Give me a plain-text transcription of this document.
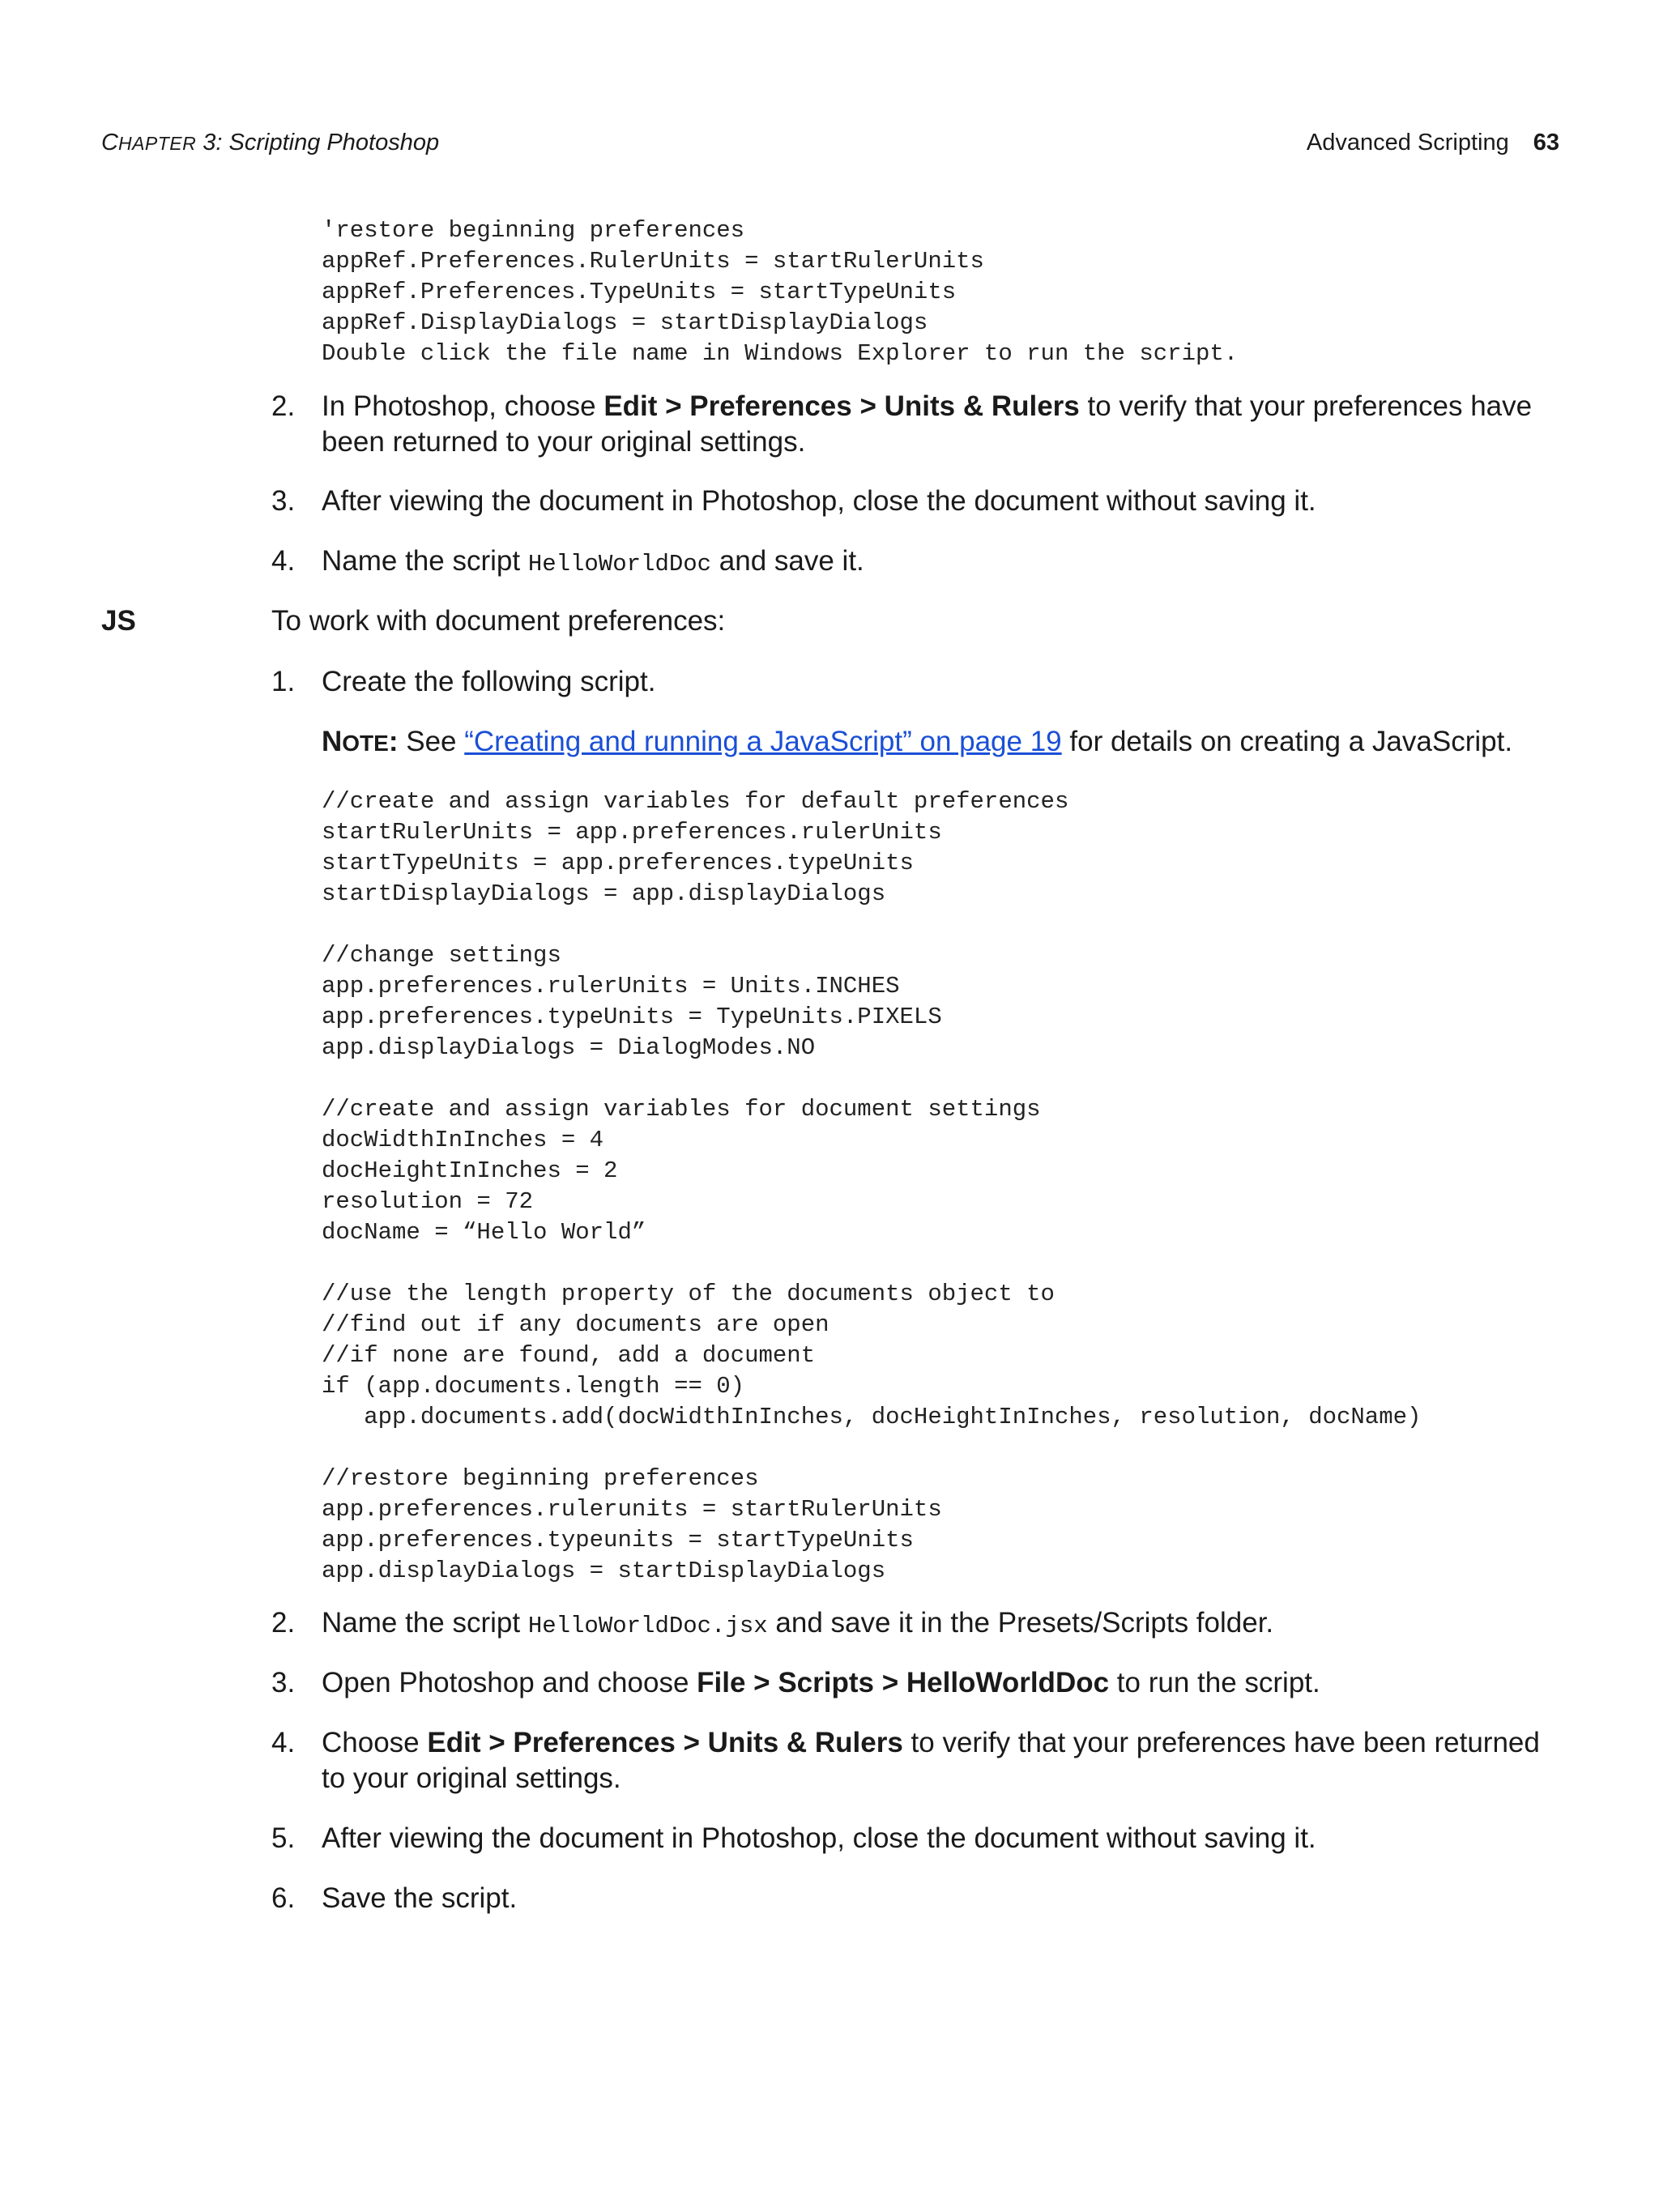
CHAPTER 3: Scripting Photoshop	Advanced Scripting 63
'restore beginning preferences
appRef.Preferences.RulerUnits = startRulerUnits
appRef.Preferences.TypeUnits = startTypeUnits
appRef.DisplayDialogs = startDisplayDialogs
Double click the file name in Windows Explorer to run the script.
2. In Photoshop, choose Edit > Preferences > Units & Rulers to verify that your preferences have been returned to your original settings.
3. After viewing the document in Photoshop, close the document without saving it.
4. Name the script HelloWorldDoc and save it.
JS	To work with document preferences:
1. Create the following script.
NOTE: See “Creating and running a JavaScript” on page 19 for details on creating a JavaScript.
//create and assign variables for default preferences
startRulerUnits = app.preferences.rulerUnits
startTypeUnits = app.preferences.typeUnits
startDisplayDialogs = app.displayDialogs

//change settings
app.preferences.rulerUnits = Units.INCHES
app.preferences.typeUnits = TypeUnits.PIXELS
app.displayDialogs = DialogModes.NO

//create and assign variables for document settings
docWidthInInches = 4
docHeightInInches = 2
resolution = 72
docName = “Hello World”

//use the length property of the documents object to
//find out if any documents are open
//if none are found, add a document
if (app.documents.length == 0)
app.documents.add(docWidthInInches, docHeightInInches, resolution, docName)

//restore beginning preferences
app.preferences.rulerunits = startRulerUnits
app.preferences.typeunits = startTypeUnits
app.displayDialogs = startDisplayDialogs
2. Name the script HelloWorldDoc.jsx and save it in the Presets/Scripts folder.
3. Open Photoshop and choose File > Scripts > HelloWorldDoc to run the script.
4. Choose Edit > Preferences > Units & Rulers to verify that your preferences have been returned to your original settings.
5. After viewing the document in Photoshop, close the document without saving it.
6. Save the script.
